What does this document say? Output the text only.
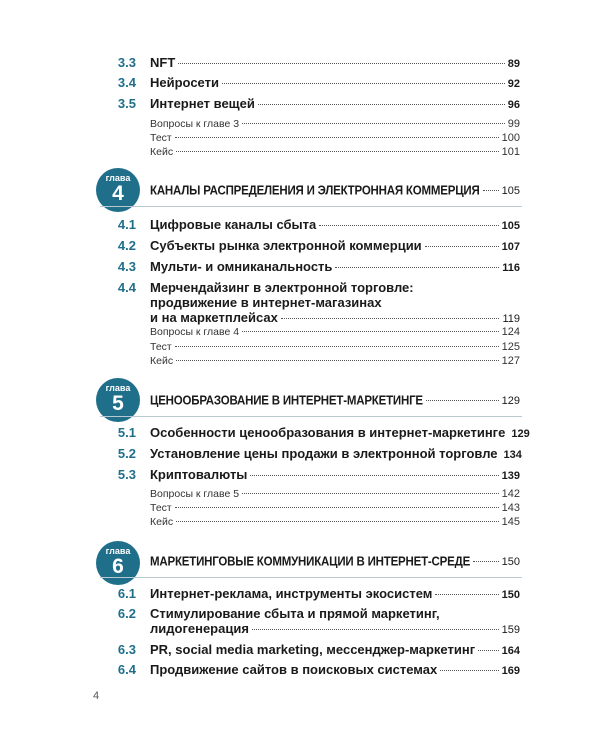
3.3 NFT	89
3.4 Нейросети	92
3.5 Интернет вещей	96
Вопросы к главе 3	99
Тест	100
Кейс	101
глава
4	КАНАЛЫ РАСПРЕДЕЛЕНИЯ И ЭЛЕКТРОННАЯ КОММЕРЦИЯ 105
4.1 Цифровые каналы сбыта	105
4.2 Субъекты рынка электронной коммерции	107
4.3 Мульти- и омниканальность	116
4.4 Мерчендайзинг в электронной торговле:
продвижение в интернет-магазинах
и на маркетплейсах	119
Вопросы к главе 4	124
Тест	125
Кейс	127
глава
5	ЦЕНООБРАЗОВАНИЕ В ИНТЕРНЕТ-МАРКЕТИНГЕ	129
5.1 Особенности ценообразования в интернет-маркетинге 129
5.2 Установление цены продажи в электронной торговле 134
5.3 Криптовалюты	139
Вопросы к главе 5	142
Тест	143
Кейс	145
глава
6	МАРКЕТИНГОВЫЕ КОММУНИКАЦИИ В ИНТЕРНЕТ-СРЕДЕ	150
6.1 Интернет-реклама, инструменты экосистем	150
6.2 Стимулирование сбыта и прямой маркетинг,
лидогенерация	159
6.3 PR, social media marketing, мессенджер-маркетинг 164
6.4 Продвижение сайтов в поисковых системах	169
4
